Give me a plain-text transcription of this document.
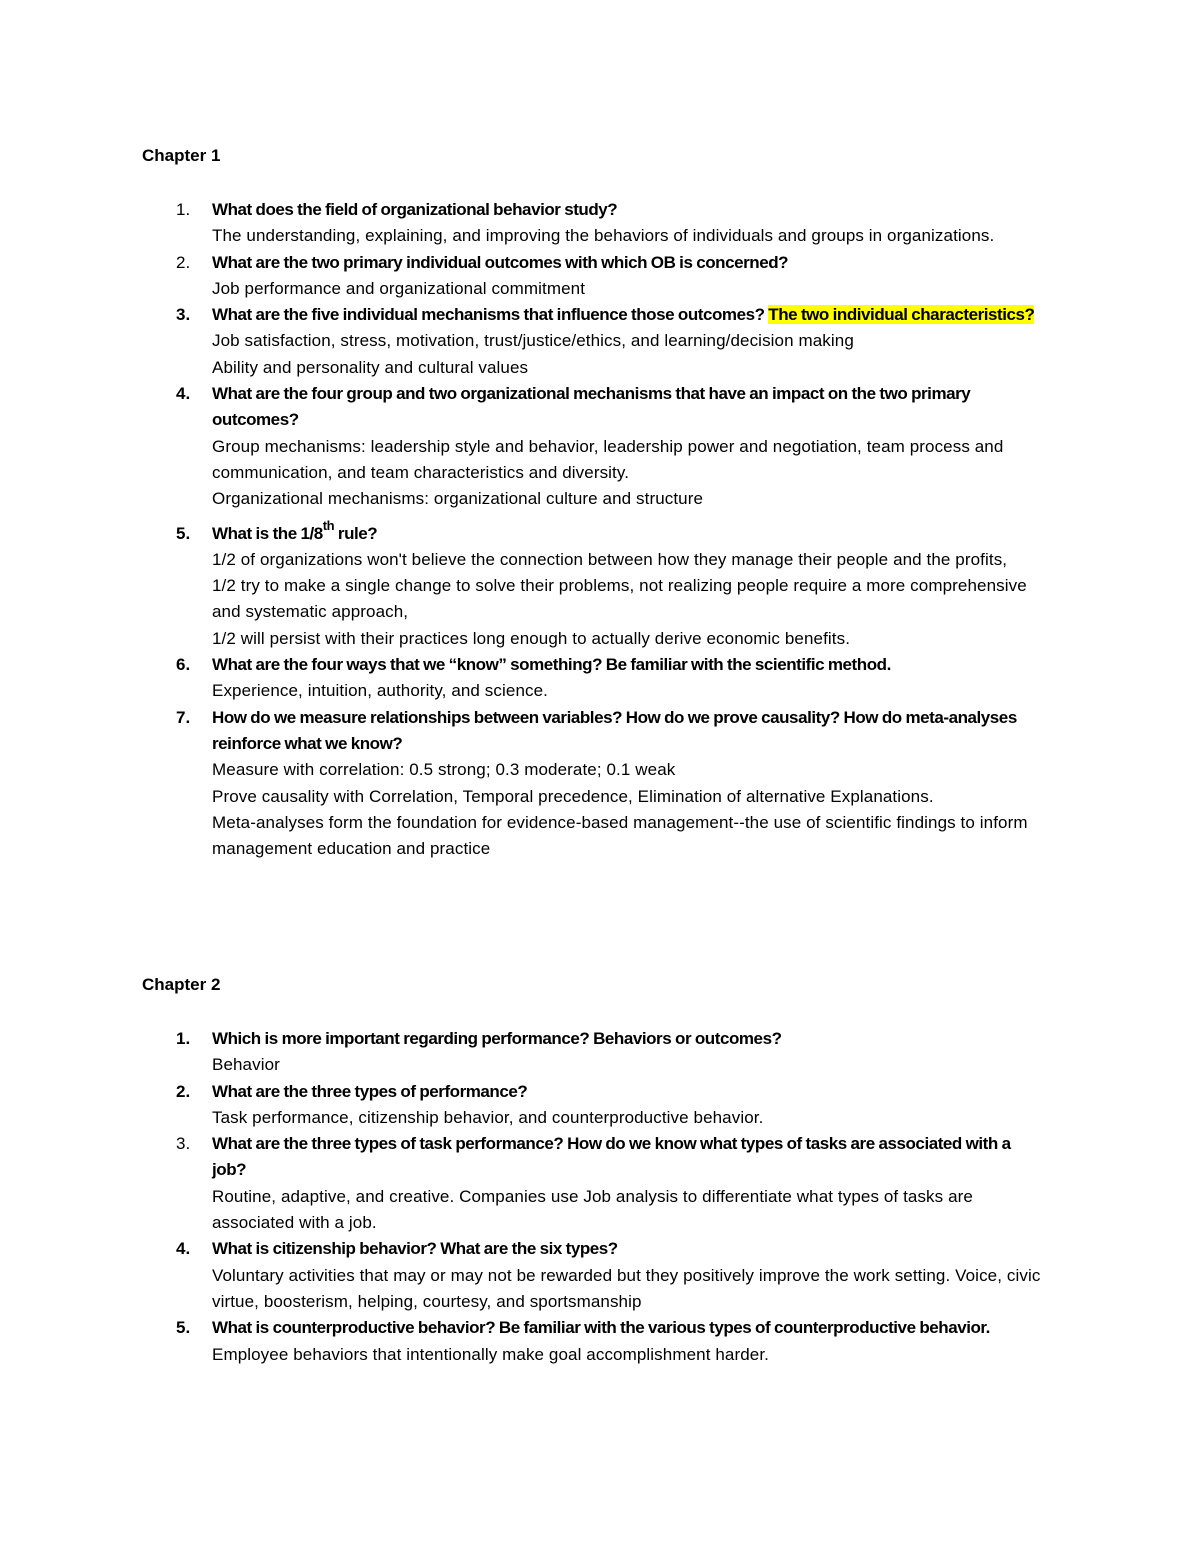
Chapter 1
1. What does the field of organizational behavior study?
The understanding, explaining, and improving the behaviors of individuals and groups in organizations.
2. What are the two primary individual outcomes with which OB is concerned?
Job performance and organizational commitment
3. What are the five individual mechanisms that influence those outcomes? The two individual characteristics?
Job satisfaction, stress, motivation, trust/justice/ethics, and learning/decision making
Ability and personality and cultural values
4. What are the four group and two organizational mechanisms that have an impact on the two primary outcomes?
Group mechanisms: leadership style and behavior, leadership power and negotiation, team process and communication, and team characteristics and diversity.
Organizational mechanisms: organizational culture and structure
5. What is the 1/8th rule?
1/2 of organizations won't believe the connection between how they manage their people and the profits,
1/2 try to make a single change to solve their problems, not realizing people require a more comprehensive and systematic approach,
1/2 will persist with their practices long enough to actually derive economic benefits.
6. What are the four ways that we “know” something? Be familiar with the scientific method.
Experience, intuition, authority, and science.
7. How do we measure relationships between variables? How do we prove causality? How do meta-analyses reinforce what we know?
Measure with correlation: 0.5 strong; 0.3 moderate; 0.1 weak
Prove causality with Correlation, Temporal precedence, Elimination of alternative Explanations.
Meta-analyses form the foundation for evidence-based management--the use of scientific findings to inform management education and practice
Chapter 2
1. Which is more important regarding performance? Behaviors or outcomes?
Behavior
2. What are the three types of performance?
Task performance, citizenship behavior, and counterproductive behavior.
3. What are the three types of task performance? How do we know what types of tasks are associated with a job?
Routine, adaptive, and creative. Companies use Job analysis to differentiate what types of tasks are associated with a job.
4. What is citizenship behavior? What are the six types?
Voluntary activities that may or may not be rewarded but they positively improve the work setting. Voice, civic virtue, boosterism, helping, courtesy, and sportsmanship
5. What is counterproductive behavior? Be familiar with the various types of counterproductive behavior.
Employee behaviors that intentionally make goal accomplishment harder.
